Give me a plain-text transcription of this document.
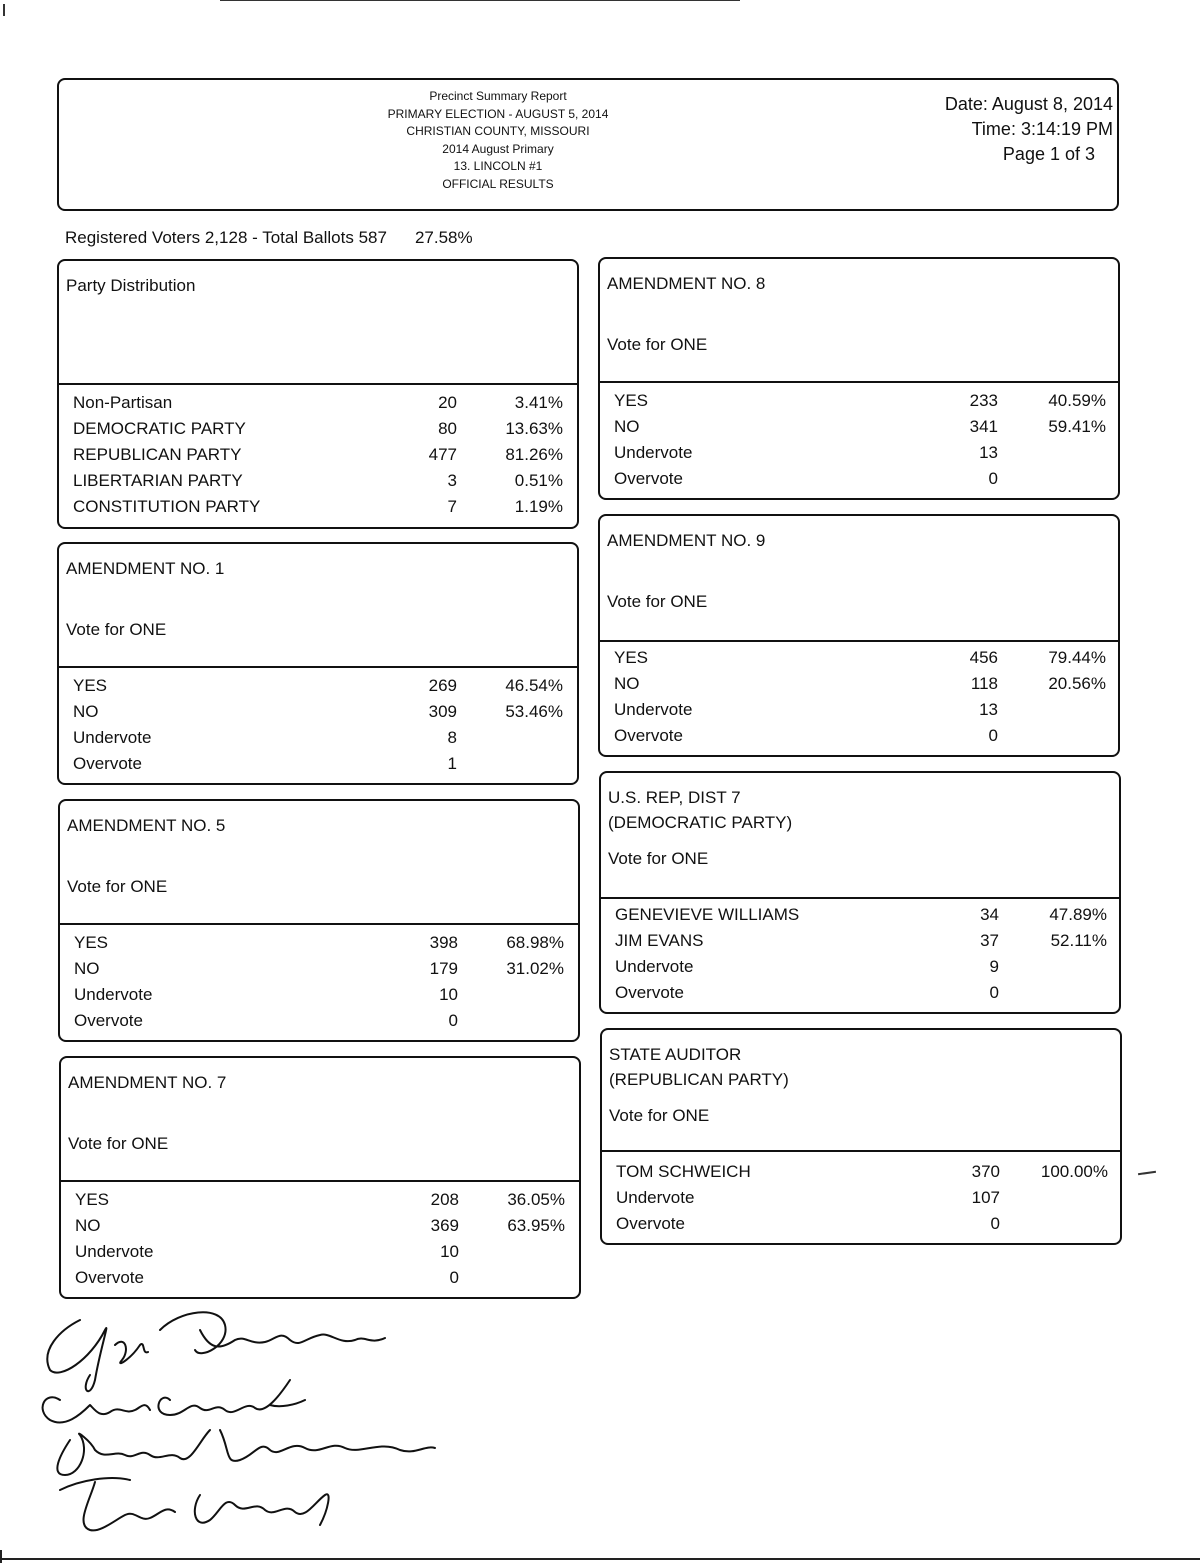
Precinct Summary Report
PRIMARY ELECTION - AUGUST 5, 2014
CHRISTIAN COUNTY, MISSOURI
2014 August Primary
13. LINCOLN #1
OFFICIAL RESULTS
Date: August 8, 2014
Time: 3:14:19 PM
Page 1 of 3
Registered Voters 2,128 - Total Ballots 587 27.58%
Party Distribution
Non-Partisan	20	3.41%
DEMOCRATIC PARTY	80	13.63%
REPUBLICAN PARTY	477	81.26%
LIBERTARIAN PARTY	3	0.51%
CONSTITUTION PARTY	7	1.19%
AMENDMENT NO. 1
Vote for ONE
YES	269	46.54%
NO	309	53.46%
Undervote	8
Overvote	1
AMENDMENT NO. 5
Vote for ONE
YES	398	68.98%
NO	179	31.02%
Undervote	10
Overvote	0
AMENDMENT NO. 7
Vote for ONE
YES	208	36.05%
NO	369	63.95%
Undervote	10
Overvote	0
AMENDMENT NO. 8
Vote for ONE
YES	233	40.59%
NO	341	59.41%
Undervote	13
Overvote	0
AMENDMENT NO. 9
Vote for ONE
YES	456	79.44%
NO	118	20.56%
Undervote	13
Overvote	0
U.S. REP, DIST 7
(DEMOCRATIC PARTY)
Vote for ONE
GENEVIEVE WILLIAMS	34	47.89%
JIM EVANS	37	52.11%
Undervote	9
Overvote	0
STATE AUDITOR
(REPUBLICAN PARTY)
Vote for ONE
TOM SCHWEICH	370	100.00%
Undervote	107
Overvote	0
